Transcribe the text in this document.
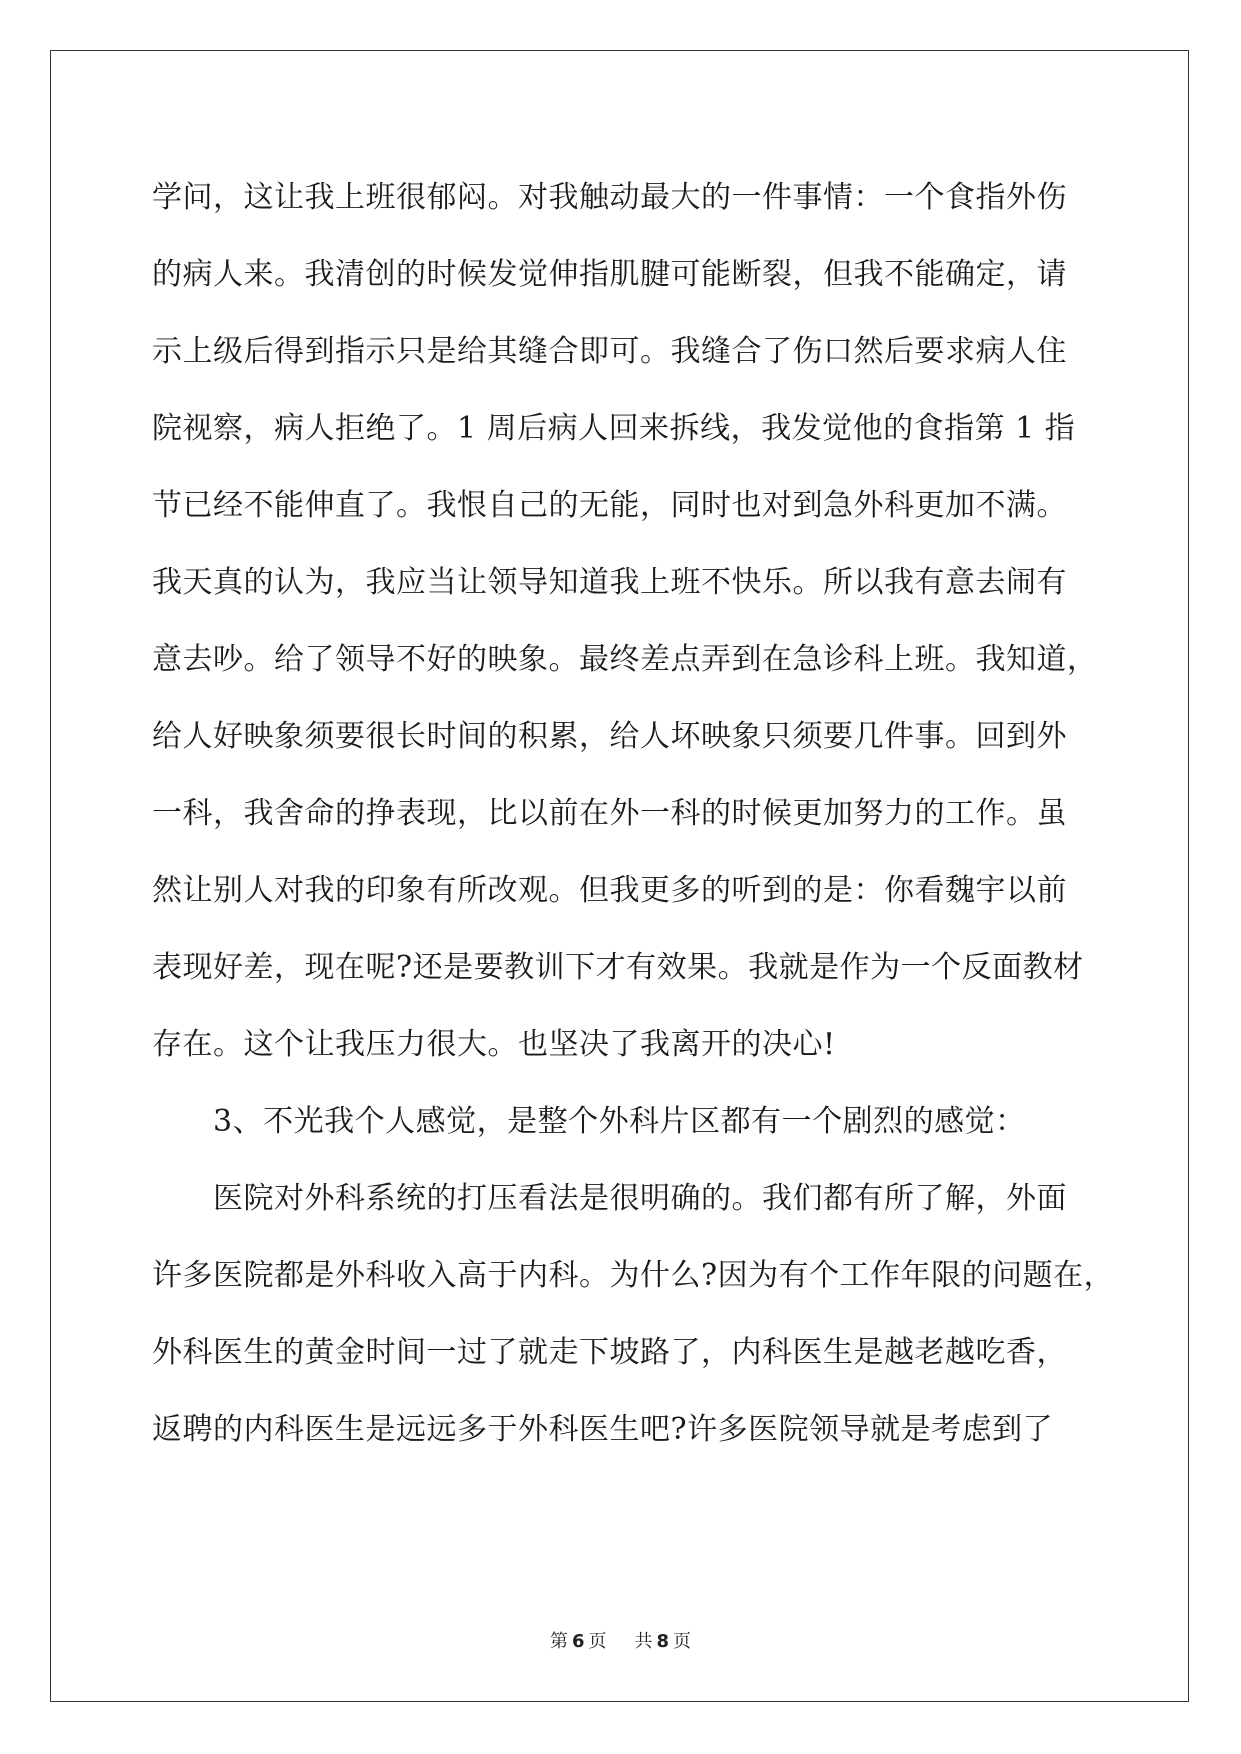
学问，这让我上班很郁闷。对我触动最大的一件事情：一个食指外伤
的病人来。我清创的时候发觉伸指肌腱可能断裂，但我不能确定，请
示上级后得到指示只是给其缝合即可。我缝合了伤口然后要求病人住
院视察，病人拒绝了。1 周后病人回来拆线，我发觉他的食指第 1 指
节已经不能伸直了。我恨自己的无能，同时也对到急外科更加不满。
我天真的认为，我应当让领导知道我上班不快乐。所以我有意去闹有
意去吵。给了领导不好的映象。最终差点弄到在急诊科上班。我知道，
给人好映象须要很长时间的积累，给人坏映象只须要几件事。回到外
一科，我舍命的挣表现，比以前在外一科的时候更加努力的工作。虽
然让别人对我的印象有所改观。但我更多的听到的是：你看魏宇以前
表现好差，现在呢?还是要教训下才有效果。我就是作为一个反面教材
存在。这个让我压力很大。也坚决了我离开的决心!
3、不光我个人感觉，是整个外科片区都有一个剧烈的感觉：
医院对外科系统的打压看法是很明确的。我们都有所了解，外面
许多医院都是外科收入高于内科。为什么?因为有个工作年限的问题在，
外科医生的黄金时间一过了就走下坡路了，内科医生是越老越吃香，
返聘的内科医生是远远多于外科医生吧?许多医院领导就是考虑到了
第 6 页 共 8 页
